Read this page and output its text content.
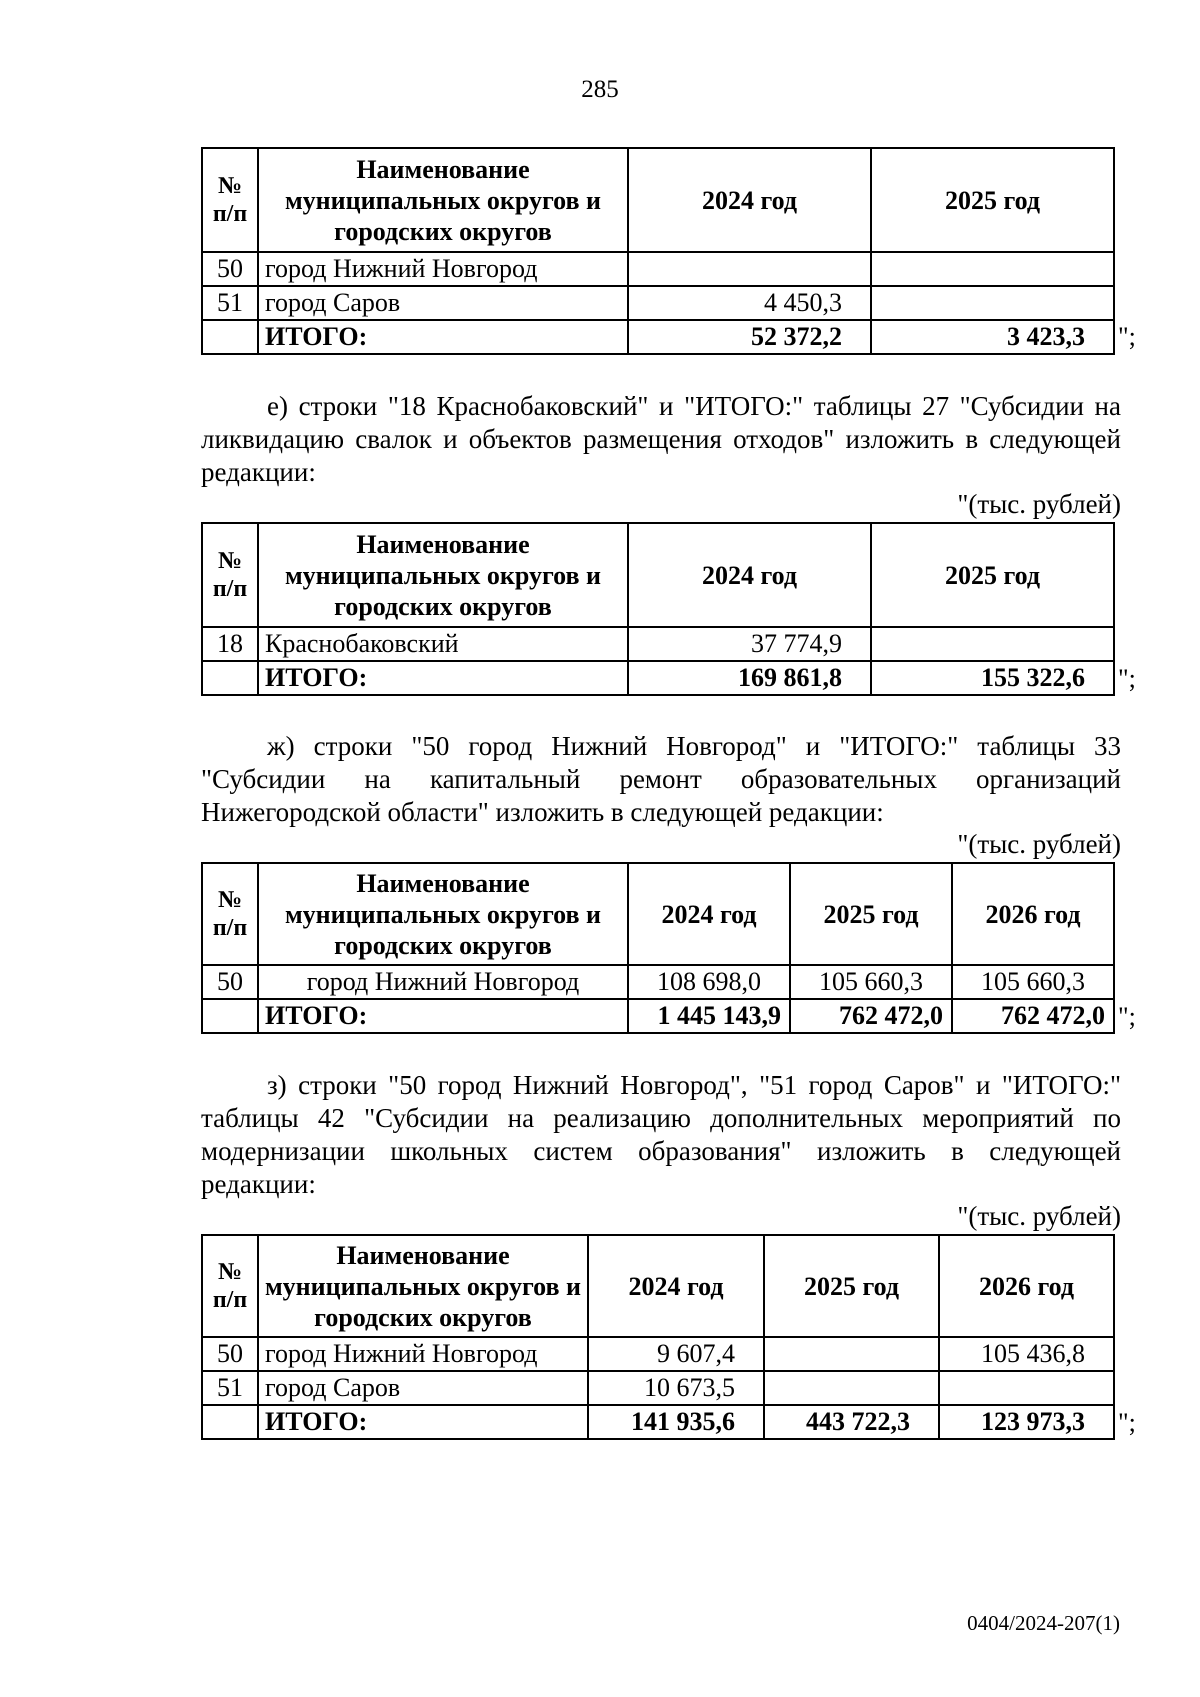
285
№ п/п	Наименование муниципальных округов и городских округов	2024 год	2025 год
50	город Нижний Новгород		
51	город Саров	4 450,3	
	ИТОГО:	52 372,2	3 423,3 ";

е) строки "18 Краснобаковский" и "ИТОГО:" таблицы 27 "Субсидии на ликвидацию свалок и объектов размещения отходов" изложить в следующей редакции:

"(тыс. рублей)
№ п/п	Наименование муниципальных округов и городских округов	2024 год	2025 год
18	Краснобаковский	37 774,9	
	ИТОГО:	169 861,8	155 322,6 ";

ж) строки "50 город Нижний Новгород" и "ИТОГО:" таблицы 33 "Субсидии на капитальный ремонт образовательных организаций Нижегородской области" изложить в следующей редакции:

"(тыс. рублей)
№ п/п	Наименование муниципальных округов и городских округов	2024 год	2025 год	2026 год
50	город Нижний Новгород	108 698,0	105 660,3	105 660,3
	ИТОГО:	1 445 143,9	762 472,0	762 472,0 ";

з) строки "50 город Нижний Новгород", "51 город Саров" и "ИТОГО:" таблицы 42 "Субсидии на реализацию дополнительных мероприятий по модернизации школьных систем образования" изложить в следующей редакции:

"(тыс. рублей)
№ п/п	Наименование муниципальных округов и городских округов	2024 год	2025 год	2026 год
50	город Нижний Новгород	9 607,4		105 436,8
51	город Саров	10 673,5		
	ИТОГО:	141 935,6	443 722,3	123 973,3 ";
0404/2024-207(1)
